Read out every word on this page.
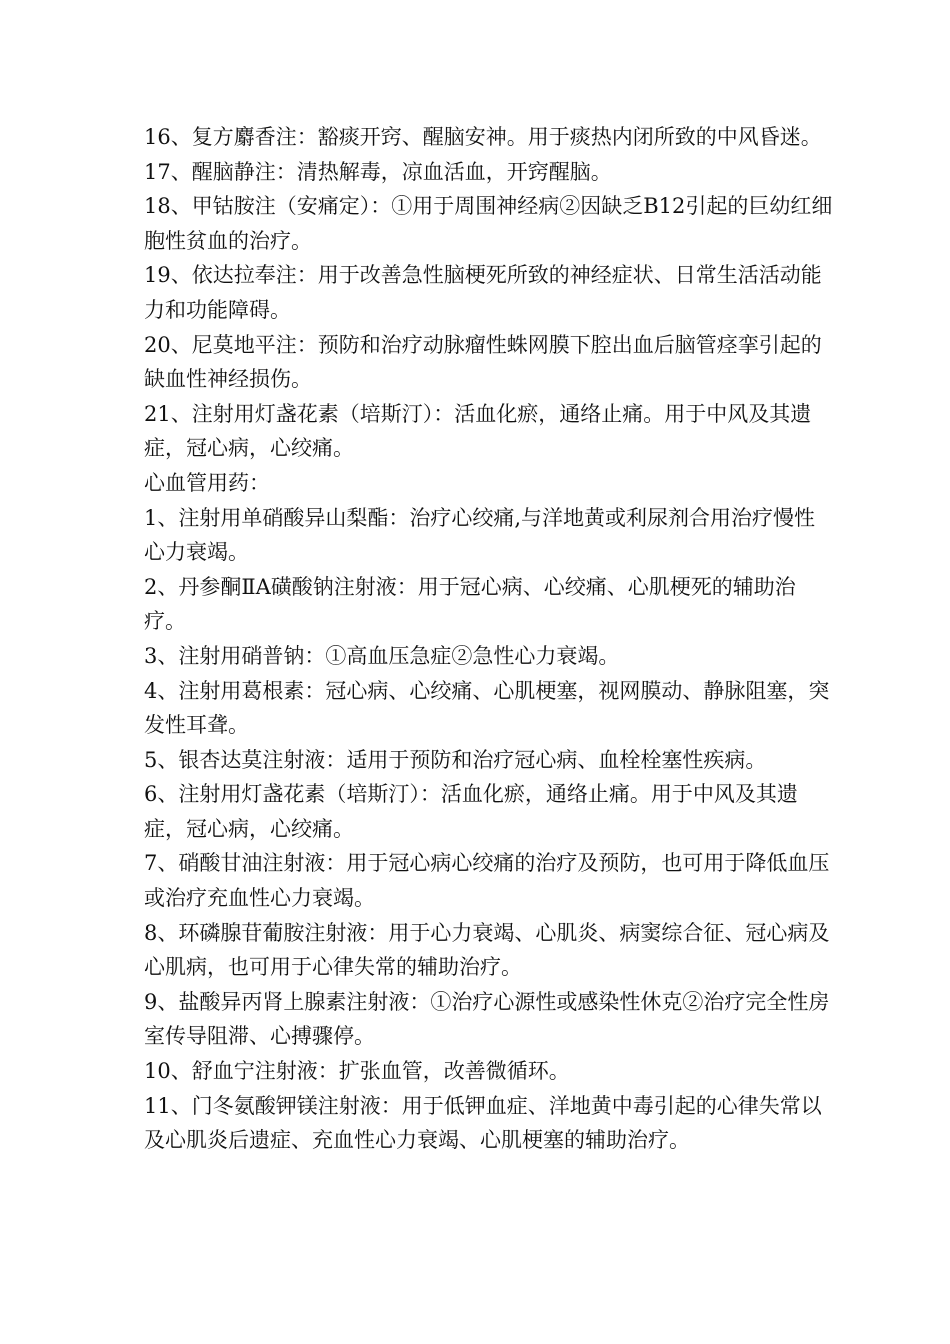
16、复方麝香注：豁痰开窍、醒脑安神。用于痰热内闭所致的中风昏迷。

17、醒脑静注：清热解毒，凉血活血，开窍醒脑。

18、甲钴胺注（安痛定）：①用于周围神经病②因缺乏B12引起的巨幼红细胞性贫血的治疗。

19、依达拉奉注：用于改善急性脑梗死所致的神经症状、日常生活活动能力和功能障碍。

20、尼莫地平注：预防和治疗动脉瘤性蛛网膜下腔出血后脑管痉挛引起的缺血性神经损伤。

21、注射用灯盏花素（培斯汀）：活血化瘀，通络止痛。用于中风及其遗症，冠心病，心绞痛。

心血管用药：

1、注射用单硝酸异山梨酯：治疗心绞痛,与洋地黄或利尿剂合用治疗慢性心力衰竭。

2、丹参酮ⅡA磺酸钠注射液：用于冠心病、心绞痛、心肌梗死的辅助治疗。

3、注射用硝普钠：①高血压急症②急性心力衰竭。

4、注射用葛根素：冠心病、心绞痛、心肌梗塞，视网膜动、静脉阻塞，突发性耳聋。

5、银杏达莫注射液：适用于预防和治疗冠心病、血栓栓塞性疾病。

6、注射用灯盏花素（培斯汀）：活血化瘀，通络止痛。用于中风及其遗症，冠心病，心绞痛。

7、硝酸甘油注射液：用于冠心病心绞痛的治疗及预防，也可用于降低血压或治疗充血性心力衰竭。

8、环磷腺苷葡胺注射液：用于心力衰竭、心肌炎、病窦综合征、冠心病及心肌病，也可用于心律失常的辅助治疗。

9、盐酸异丙肾上腺素注射液：①治疗心源性或感染性休克②治疗完全性房室传导阻滞、心搏骤停。

10、舒血宁注射液：扩张血管，改善微循环。

11、门冬氨酸钾镁注射液：用于低钾血症、洋地黄中毒引起的心律失常以及心肌炎后遗症、充血性心力衰竭、心肌梗塞的辅助治疗。
